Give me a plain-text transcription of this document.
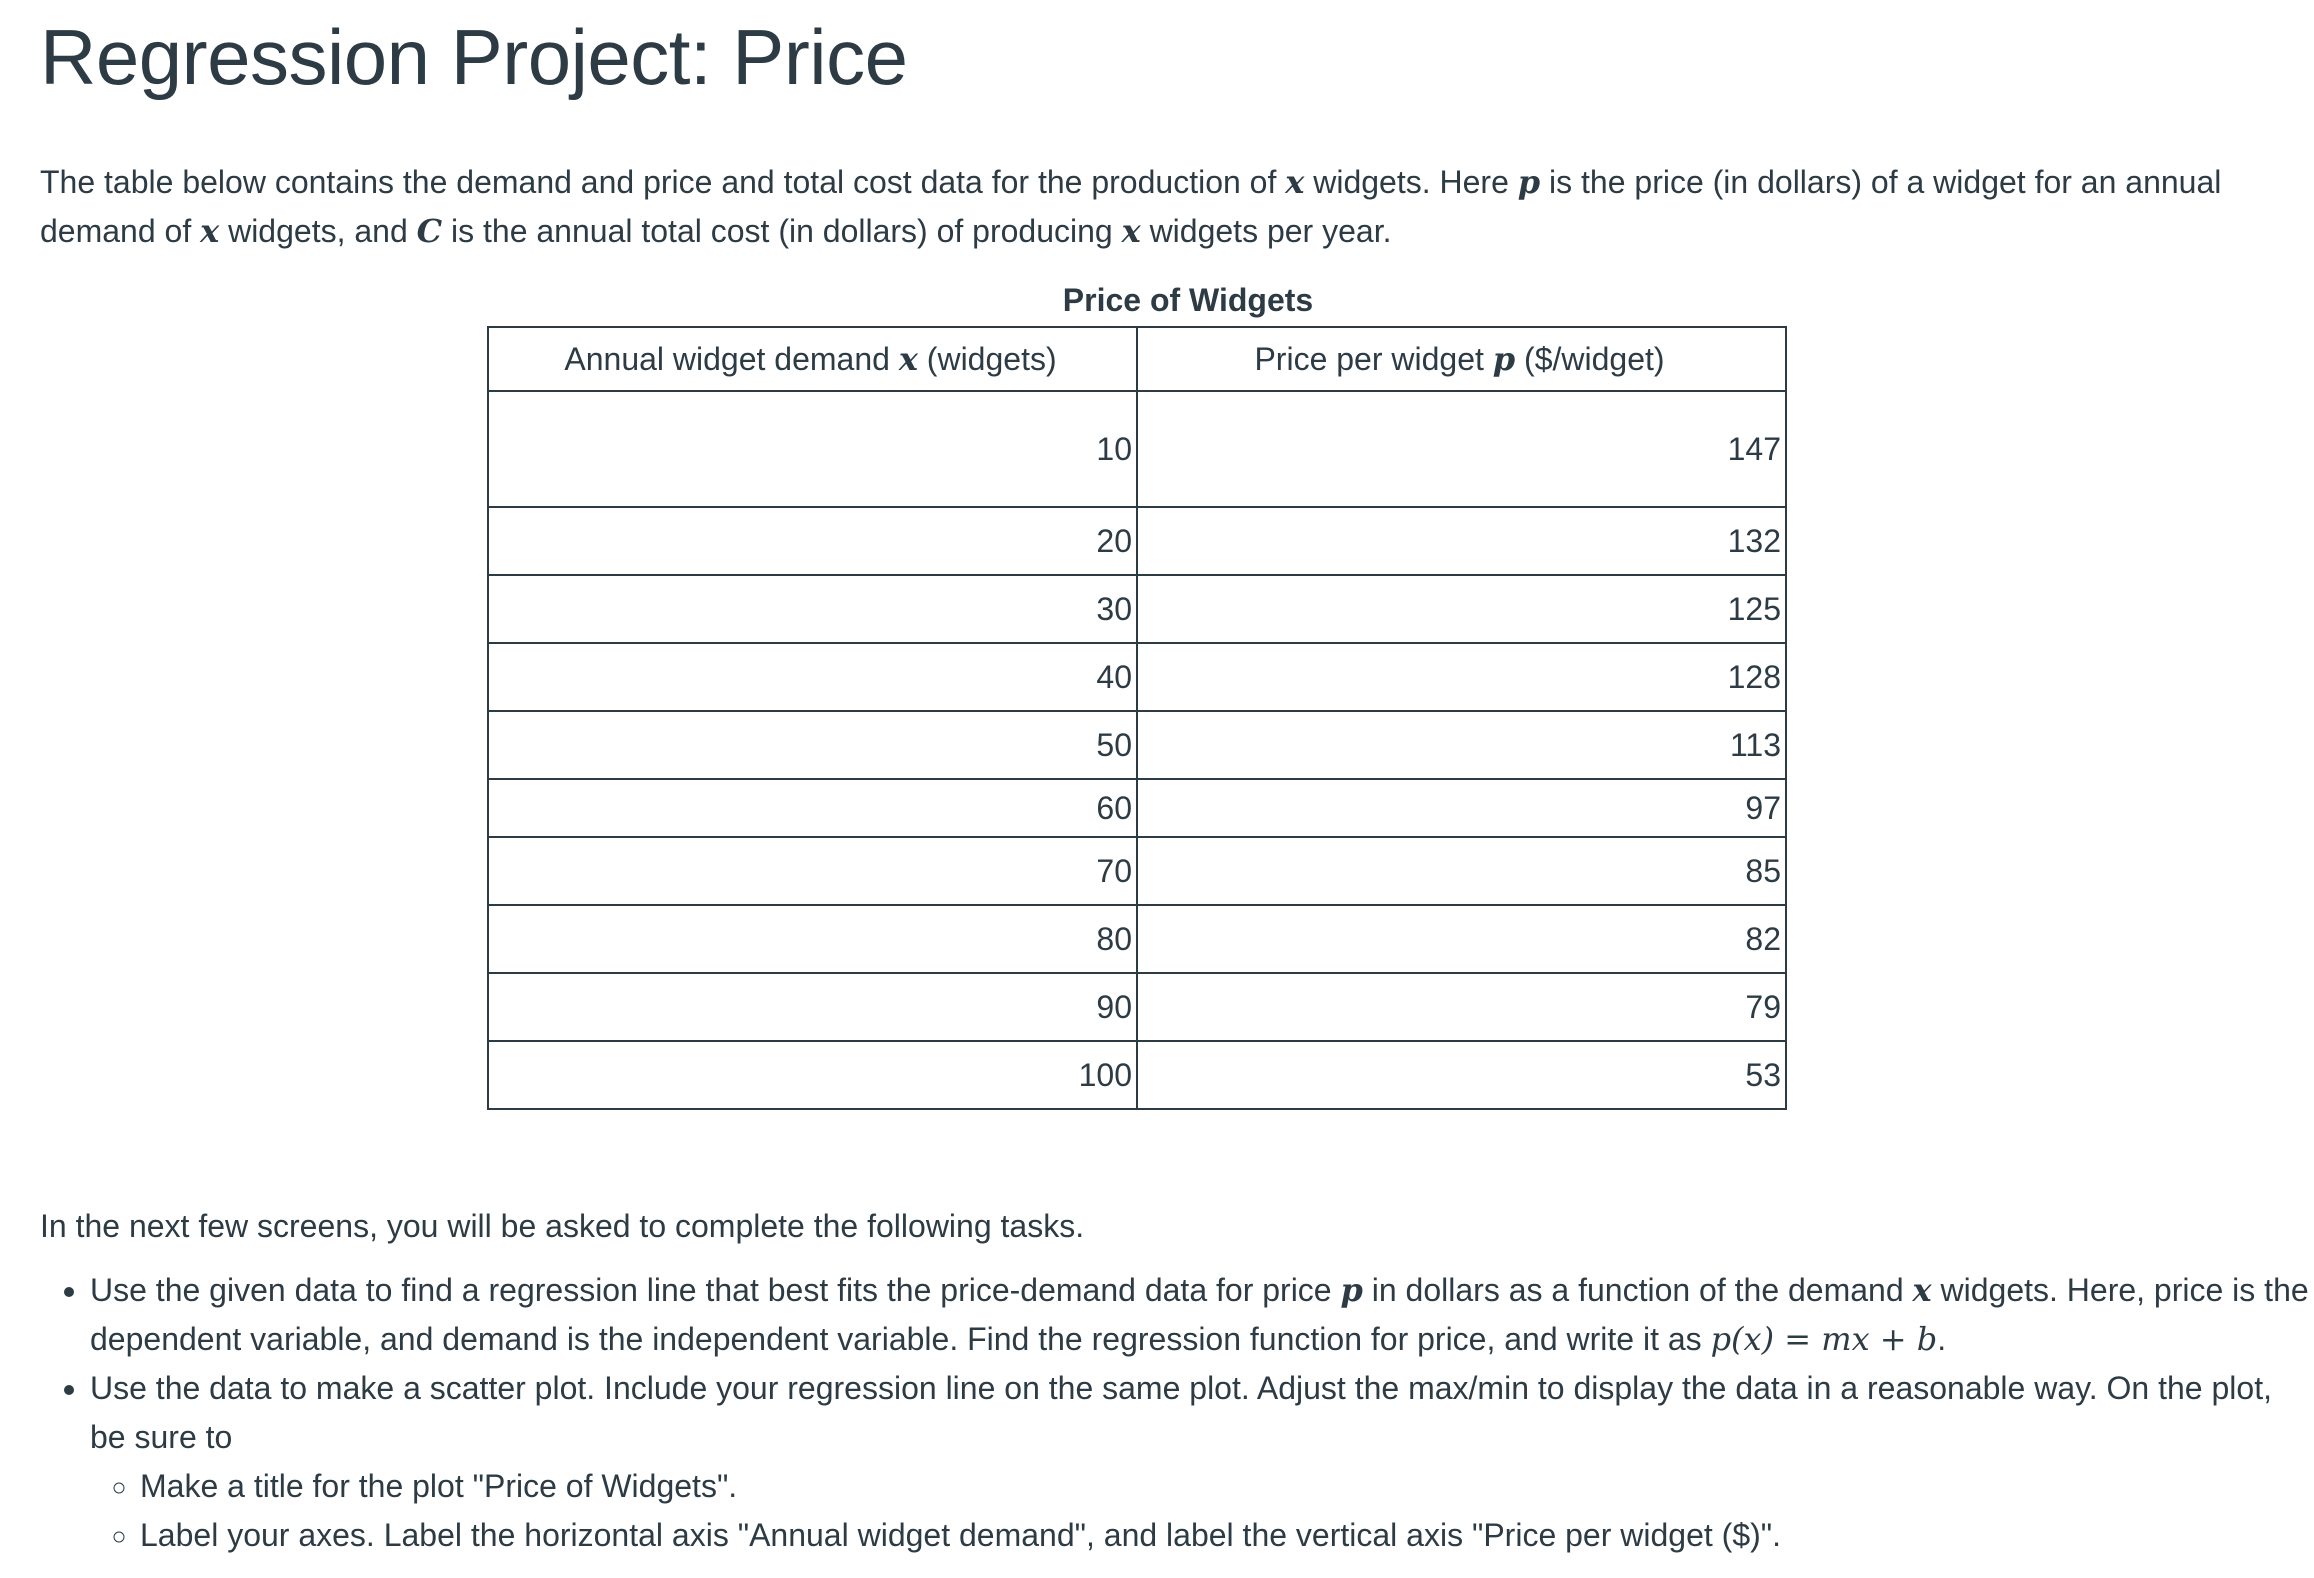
Regression Project: Price

The table below contains the demand and price and total cost data for the production of x widgets. Here p is the price (in dollars) of a widget for an annual demand of x widgets, and C is the annual total cost (in dollars) of producing x widgets per year.

Price of Widgets
Annual widget demand x (widgets)	Price per widget p ($/widget)
10	147
20	132
30	125
40	128
50	113
60	97
70	85
80	82
90	79
100	53

In the next few screens, you will be asked to complete the following tasks.

• Use the given data to find a regression line that best fits the price-demand data for price p in dollars as a function of the demand x widgets. Here, price is the dependent variable, and demand is the independent variable. Find the regression function for price, and write it as p(x) = mx + b.
• Use the data to make a scatter plot. Include your regression line on the same plot. Adjust the max/min to display the data in a reasonable way. On the plot, be sure to
◦ Make a title for the plot "Price of Widgets".
◦ Label your axes. Label the horizontal axis "Annual widget demand", and label the vertical axis "Price per widget ($)".
